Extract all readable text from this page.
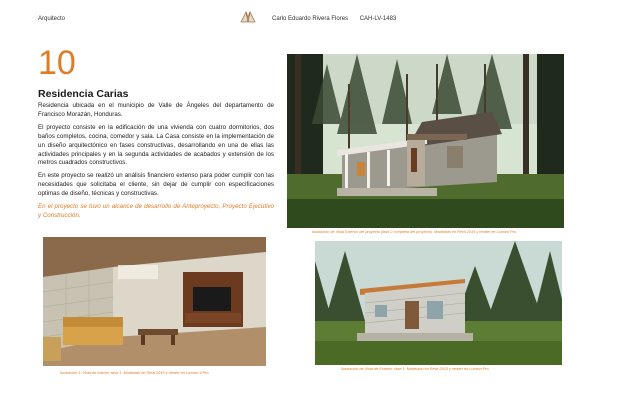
Arquitecto	Carlo Eduardo Rivera Flores CAH-LV-1483
10
Residencia Carias

Residencia ubicada en el municipio de Valle de Ángeles del departamento de Francisco Morazán, Honduras.

El proyecto consiste en la edificación de una vivienda con cuatro dormitorios, dos baños completos, cocina, comedor y sala. La Casa consiste en la implementación de un diseño arquitectónico en fases constructivas, desarrollando en una de ellas las actividades principales y en la segunda actividades de acabados y extensión de los metros cuadrados constructivos.

En este proyecto se realizó un análisis financiero extenso para poder cumplir con las necesidades que solicitaba el cliente, sin dejar de cumplir con especificaciones optimas de diseño, técnicas y constructivas.

En el proyecto se tuvo un alcance de desarrollo de Anteproyecto, Proyecto Ejecutivo y Construcción.

Ilustración de Vista Exterior del proyecto (fase 2 completa del proyecto). Modelado en Revit 2015 y render en Lumion Pro.
Ilustración 1: Vista de Interior, fase 1. Modelado en Revit 2015 y render en Lumion 6 Pro.
Ilustración de Vista de Exterior, fase 1. Modelado en Revit 2015 y render en Lumion Pro.
